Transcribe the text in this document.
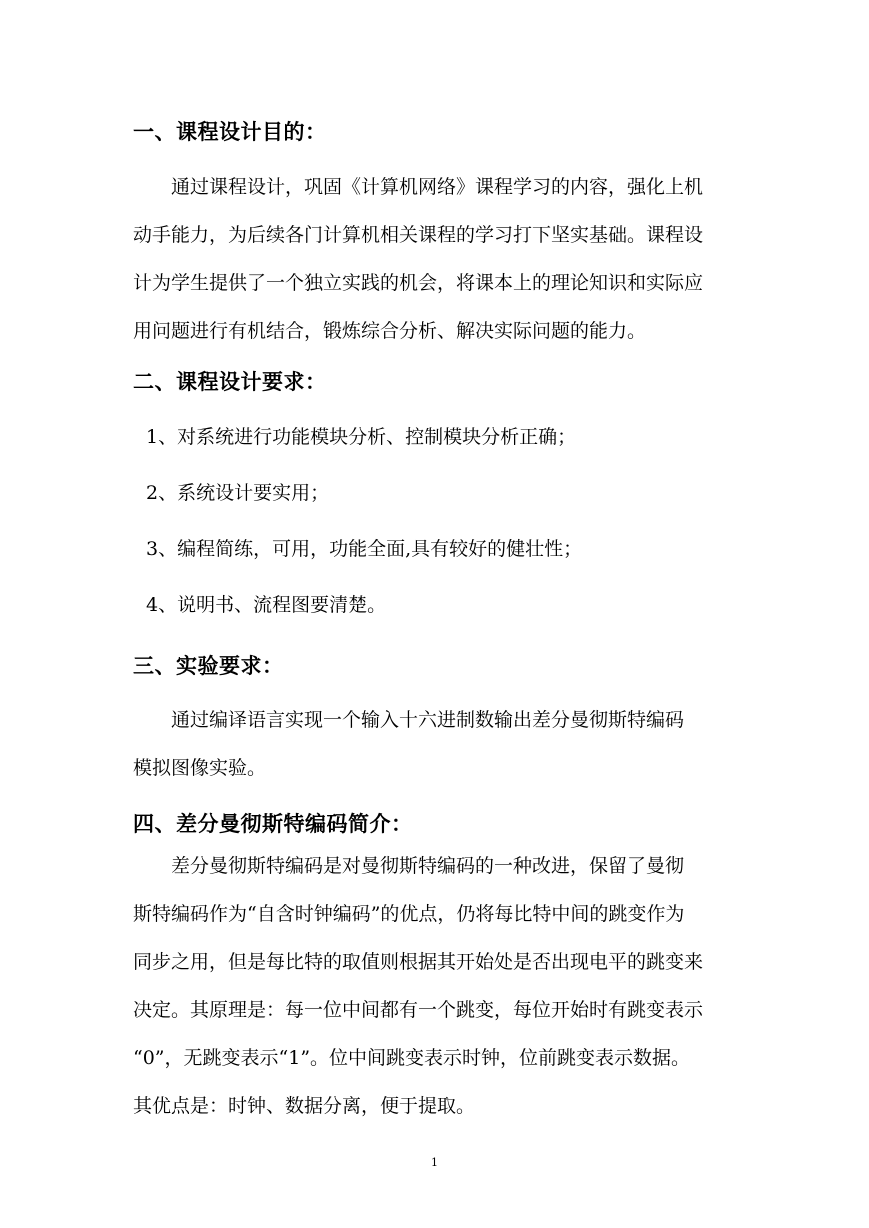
一、课程设计目的：
通过课程设计，巩固《计算机网络》课程学习的内容，强化上机
动手能力，为后续各门计算机相关课程的学习打下坚实基础。课程设
计为学生提供了一个独立实践的机会，将课本上的理论知识和实际应
用问题进行有机结合，锻炼综合分析、解决实际问题的能力。
二、课程设计要求：
1、对系统进行功能模块分析、控制模块分析正确；
2、系统设计要实用；
3、编程简练，可用，功能全面,具有较好的健壮性；
4、说明书、流程图要清楚。
三、实验要求：
通过编译语言实现一个输入十六进制数输出差分曼彻斯特编码
模拟图像实验。
四、差分曼彻斯特编码简介：
差分曼彻斯特编码是对曼彻斯特编码的一种改进，保留了曼彻
斯特编码作为“自含时钟编码”的优点，仍将每比特中间的跳变作为
同步之用，但是每比特的取值则根据其开始处是否出现电平的跳变来
决定。其原理是：每一位中间都有一个跳变，每位开始时有跳变表示
“0”，无跳变表示“1”。位中间跳变表示时钟，位前跳变表示数据。
其优点是：时钟、数据分离，便于提取。
1
